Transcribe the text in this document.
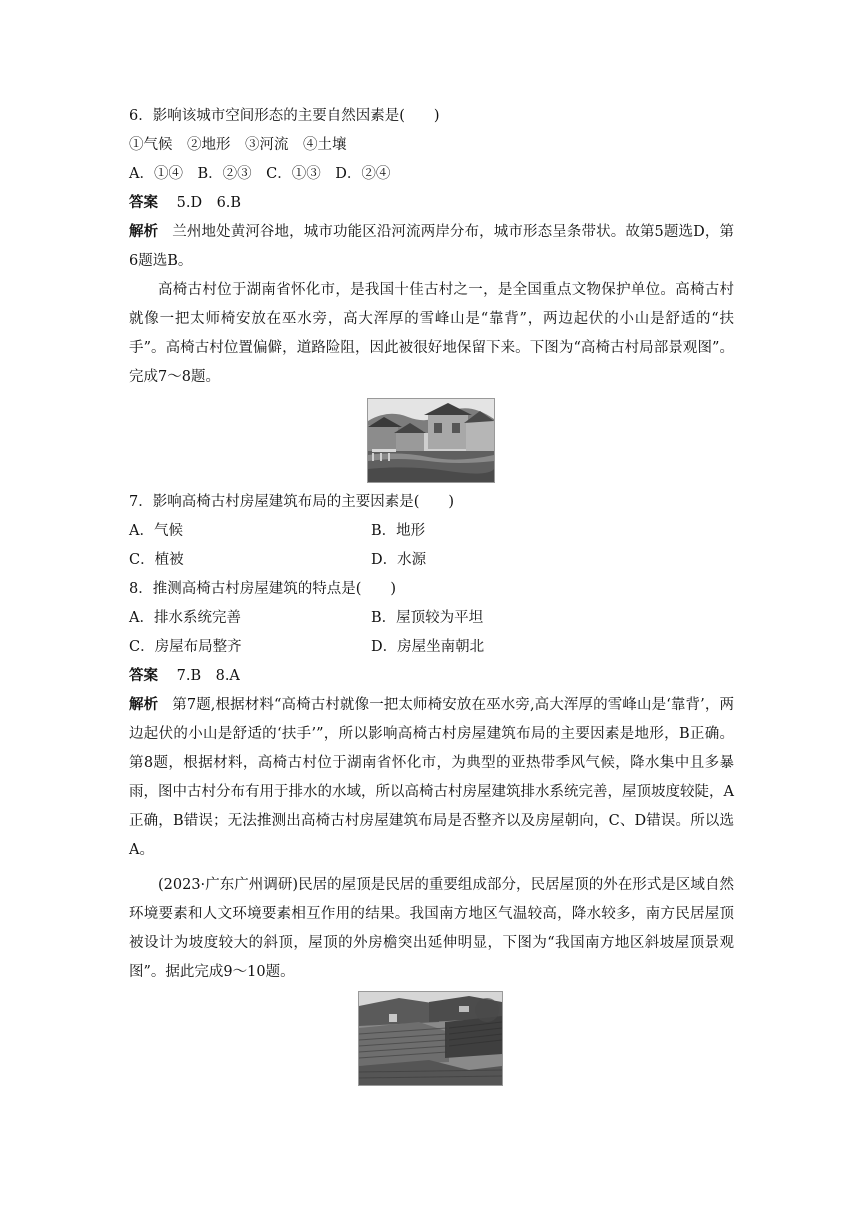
6．影响该城市空间形态的主要自然因素是(　　)
①气候　②地形　③河流　④土壤
A．①④　B．②③　C．①③　D．②④
答案 5.D　6.B
解析 兰州地处黄河谷地，城市功能区沿河流两岸分布，城市形态呈条带状。故第5题选D，第6题选B。
高椅古村位于湖南省怀化市，是我国十佳古村之一，是全国重点文物保护单位。高椅古村就像一把太师椅安放在巫水旁，高大浑厚的雪峰山是“靠背”，两边起伏的小山是舒适的“扶手”。高椅古村位置偏僻，道路险阻，因此被很好地保留下来。下图为“高椅古村局部景观图”。完成7～8题。
7．影响高椅古村房屋建筑布局的主要因素是(　　)
A．气候	B．地形
C．植被	D．水源
8．推测高椅古村房屋建筑的特点是(　　)
A．排水系统完善	B．屋顶较为平坦
C．房屋布局整齐	D．房屋坐南朝北
答案 7.B　8.A
解析 第7题,根据材料“高椅古村就像一把太师椅安放在巫水旁,高大浑厚的雪峰山是‘靠背’，两边起伏的小山是舒适的‘扶手’”，所以影响高椅古村房屋建筑布局的主要因素是地形，B正确。第8题，根据材料，高椅古村位于湖南省怀化市，为典型的亚热带季风气候，降水集中且多暴雨，图中古村分布有用于排水的水域，所以高椅古村房屋建筑排水系统完善，屋顶坡度较陡，A正确，B错误；无法推测出高椅古村房屋建筑布局是否整齐以及房屋朝向，C、D错误。所以选A。
(2023·广东广州调研)民居的屋顶是民居的重要组成部分，民居屋顶的外在形式是区域自然环境要素和人文环境要素相互作用的结果。我国南方地区气温较高，降水较多，南方民居屋顶被设计为坡度较大的斜顶，屋顶的外房檐突出延伸明显，下图为“我国南方地区斜坡屋顶景观图”。据此完成9～10题。
